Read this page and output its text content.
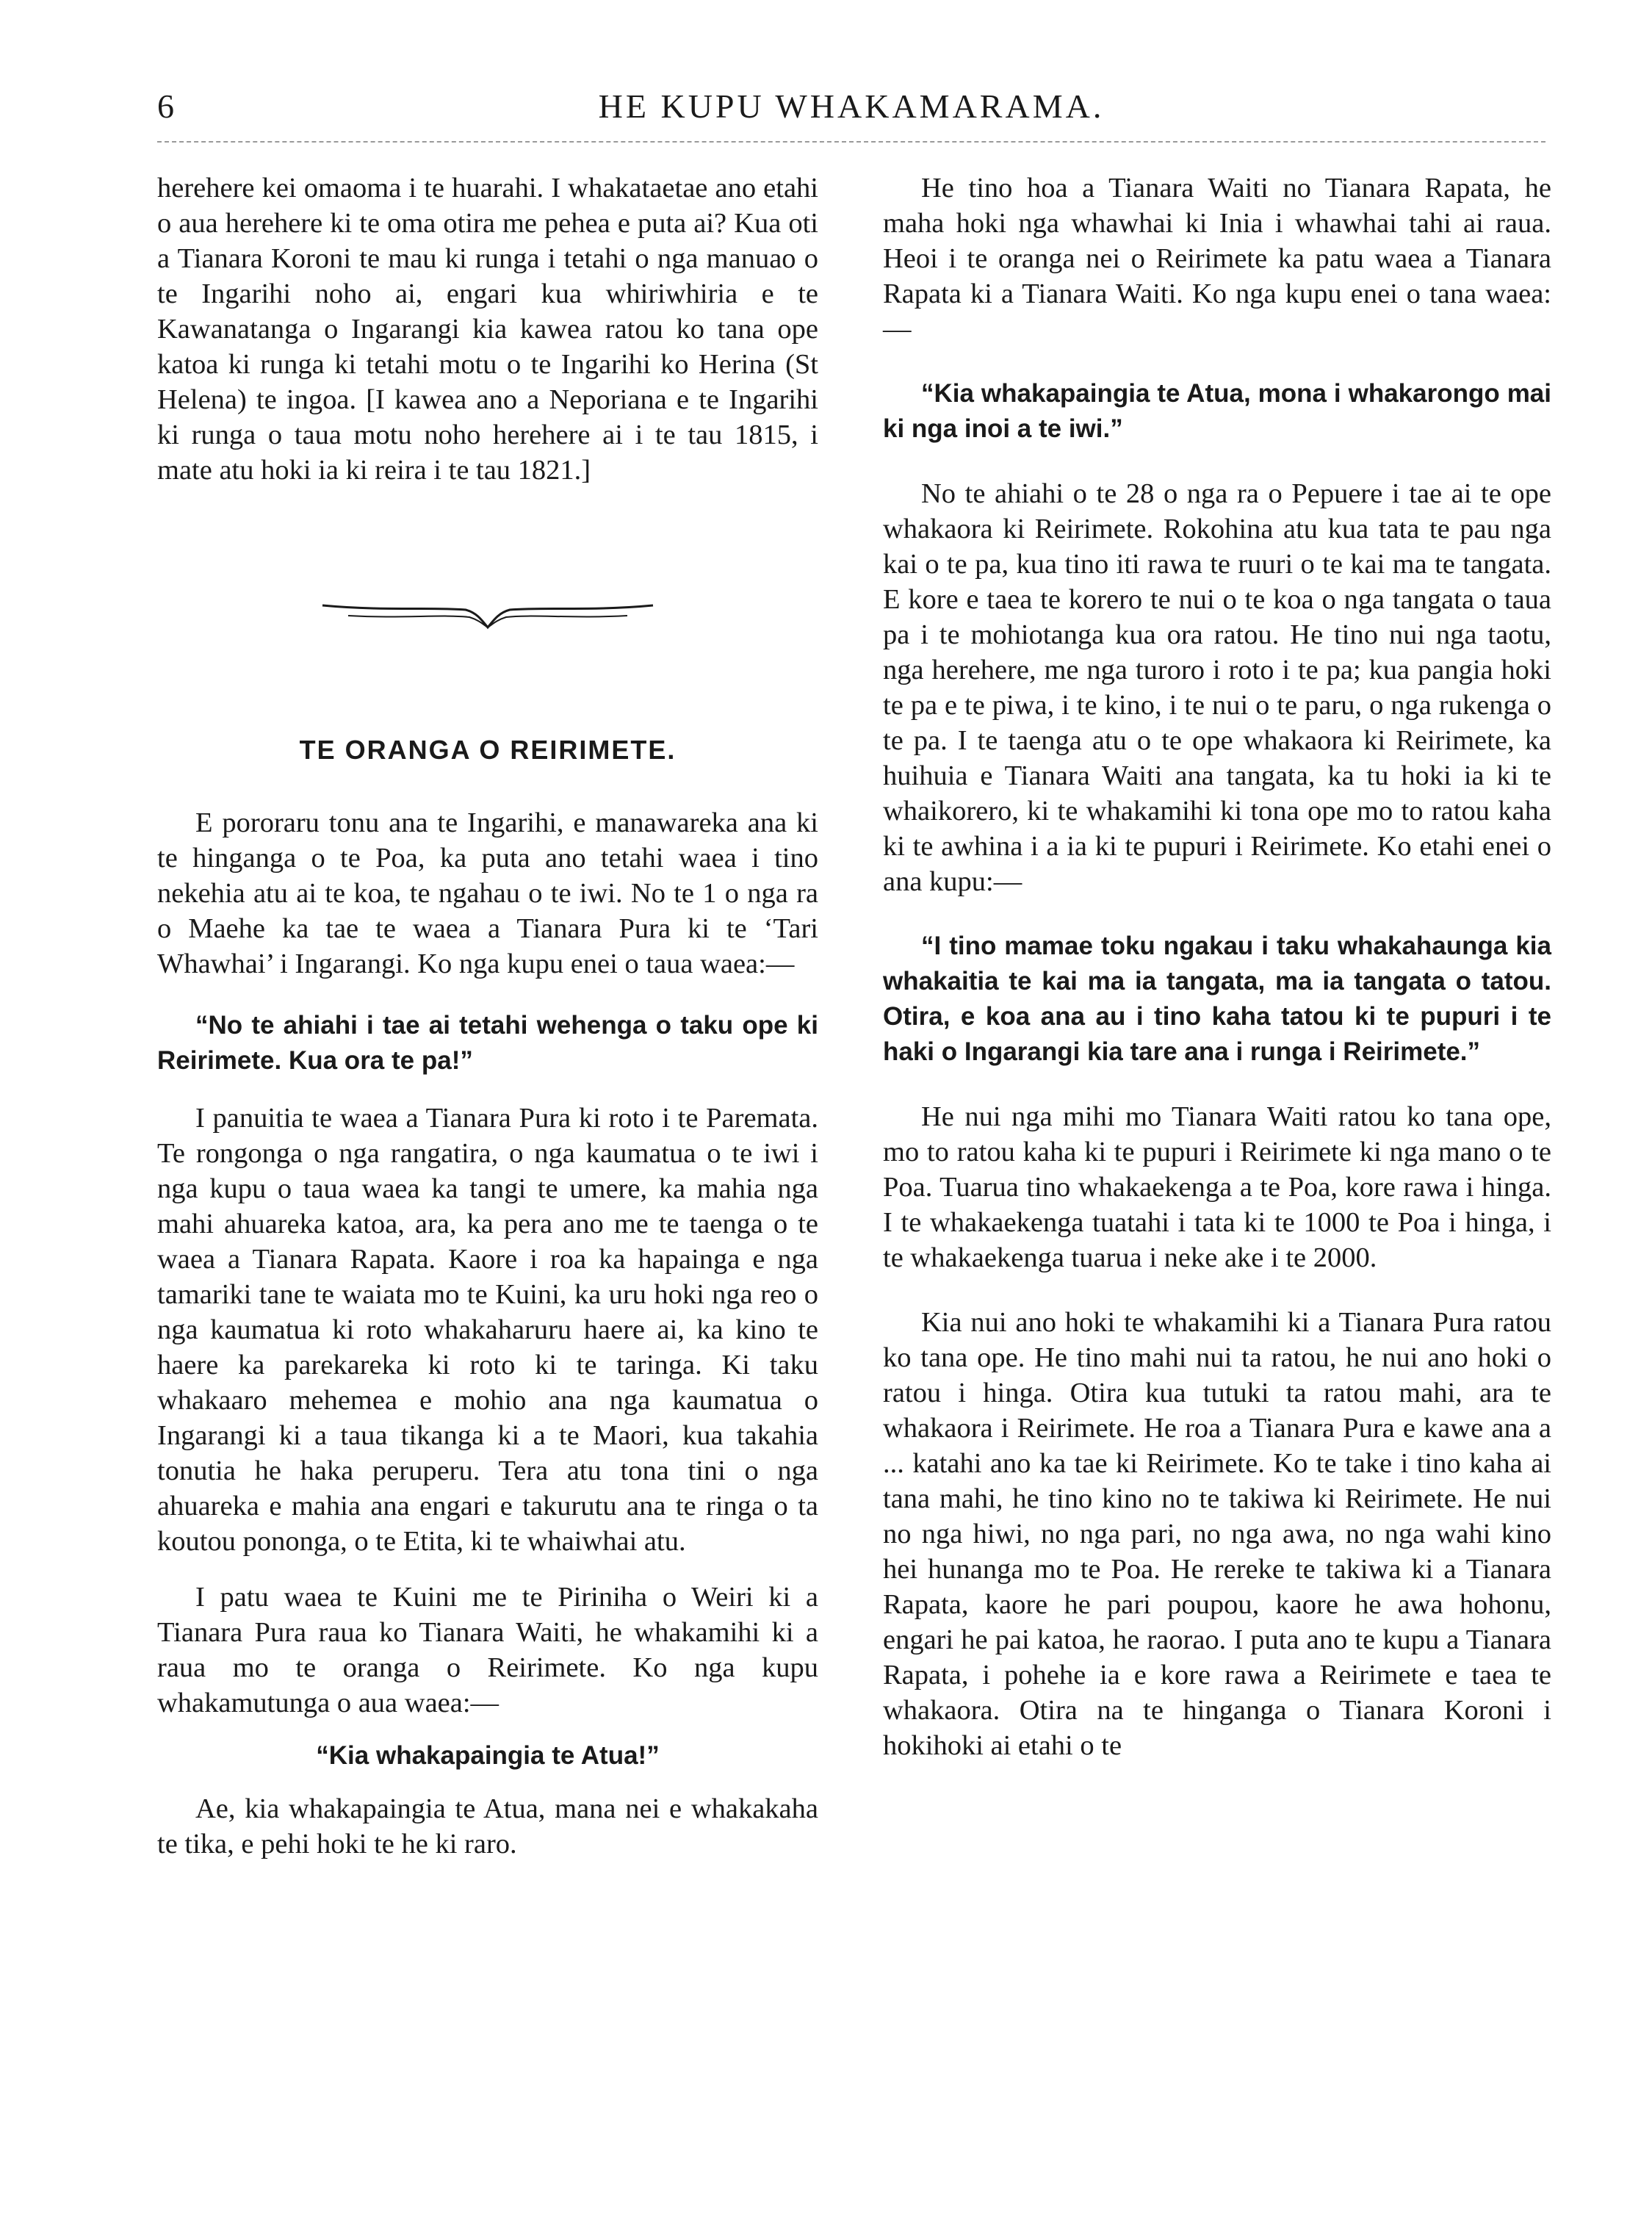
6	HE KUPU WHAKAMARAMA.

herehere kei omaoma i te huarahi. I whakataetae ano etahi o aua herehere ki te oma otira me pehea e puta ai? Kua oti a Tianara Koroni te mau ki runga i tetahi o nga manuao o te Ingarihi noho ai, engari kua whiriwhiria e te Kawanatanga o Ingarangi kia kawea ratou ko tana ope katoa ki runga ki tetahi motu o te Ingarihi ko Herina (St Helena) te ingoa. [I kawea ano a Neporiana e te Ingarihi ki runga o taua motu noho herehere ai i te tau 1815, i mate atu hoki ia ki reira i te tau 1821.]

TE ORANGA O REIRIMETE.

E pororaru tonu ana te Ingarihi, e manawareka ana ki te hinganga o te Poa, ka puta ano tetahi waea i tino nekehia atu ai te koa, te ngahau o te iwi. No te 1 o nga ra o Maehe ka tae te waea a Tianara Pura ki te ‘Tari Whawhai’ i Ingarangi. Ko nga kupu enei o taua waea:—

“No te ahiahi i tae ai tetahi wehenga o taku ope ki Reirimete. Kua ora te pa!”

I panuitia te waea a Tianara Pura ki roto i te Paremata. Te rongonga o nga rangatira, o nga kaumatua o te iwi i nga kupu o taua waea ka tangi te umere, ka mahia nga mahi ahuareka katoa, ara, ka pera ano me te taenga o te waea a Tianara Rapata. Kaore i roa ka hapainga e nga tamariki tane te waiata mo te Kuini, ka uru hoki nga reo o nga kaumatua ki roto whakaharuru haere ai, ka kino te haere ka parekareka ki roto ki te taringa. Ki taku whakaaro mehemea e mohio ana nga kaumatua o Ingarangi ki a taua tikanga ki a te Maori, kua takahia tonutia he haka peruperu. Tera atu tona tini o nga ahuareka e mahia ana engari e takurutu ana te ringa o ta koutou pononga, o te Etita, ki te whaiwhai atu.

I patu waea te Kuini me te Piriniha o Weiri ki a Tianara Pura raua ko Tianara Waiti, he whakamihi ki a raua mo te oranga o Reirimete. Ko nga kupu whakamutunga o aua waea:—

“Kia whakapaingia te Atua!”

Ae, kia whakapaingia te Atua, mana nei e whakakaha te tika, e pehi hoki te he ki raro.

He tino hoa a Tianara Waiti no Tianara Rapata, he maha hoki nga whawhai ki Inia i whawhai tahi ai raua. Heoi i te oranga nei o Reirimete ka patu waea a Tianara Rapata ki a Tianara Waiti. Ko nga kupu enei o tana waea:—

“Kia whakapaingia te Atua, mona i whakarongo mai ki nga inoi a te iwi.”

No te ahiahi o te 28 o nga ra o Pepuere i tae ai te ope whakaora ki Reirimete. Rokohina atu kua tata te pau nga kai o te pa, kua tino iti rawa te ruuri o te kai ma te tangata. E kore e taea te korero te nui o te koa o nga tangata o taua pa i te mohiotanga kua ora ratou. He tino nui nga taotu, nga herehere, me nga turoro i roto i te pa; kua pangia hoki te pa e te piwa, i te kino, i te nui o te paru, o nga rukenga o te pa. I te taenga atu o te ope whakaora ki Reirimete, ka huihuia e Tianara Waiti ana tangata, ka tu hoki ia ki te whaikorero, ki te whakamihi ki tona ope mo to ratou kaha ki te awhina i a ia ki te pupuri i Reirimete. Ko etahi enei o ana kupu:—

“I tino mamae toku ngakau i taku whakahaunga kia whakaitia te kai ma ia tangata, ma ia tangata o tatou. Otira, e koa ana au i tino kaha tatou ki te pupuri i te haki o Ingarangi kia tare ana i runga i Reirimete.”

He nui nga mihi mo Tianara Waiti ratou ko tana ope, mo to ratou kaha ki te pupuri i Reirimete ki nga mano o te Poa. Tuarua tino whakaekenga a te Poa, kore rawa i hinga. I te whakaekenga tuatahi i tata ki te 1000 te Poa i hinga, i te whakaekenga tuarua i neke ake i te 2000.

Kia nui ano hoki te whakamihi ki a Tianara Pura ratou ko tana ope. He tino mahi nui ta ratou, he nui ano hoki o ratou i hinga. Otira kua tutuki ta ratou mahi, ara te whakaora i Reirimete. He roa a Tianara Pura e kawe ana a ... katahi ano ka tae ki Reirimete. Ko te take i tino kaha ai tana mahi, he tino kino no te takiwa ki Reirimete. He nui no nga hiwi, no nga pari, no nga awa, no nga wahi kino hei hunanga mo te Poa. He rereke te takiwa ki a Tianara Rapata, kaore he pari poupou, kaore he awa hohonu, engari he pai katoa, he raorao. I puta ano te kupu a Tianara Rapata, i pohehe ia e kore rawa a Reirimete e taea te whakaora. Otira na te hinganga o Tianara Koroni i hokihoki ai etahi o te
